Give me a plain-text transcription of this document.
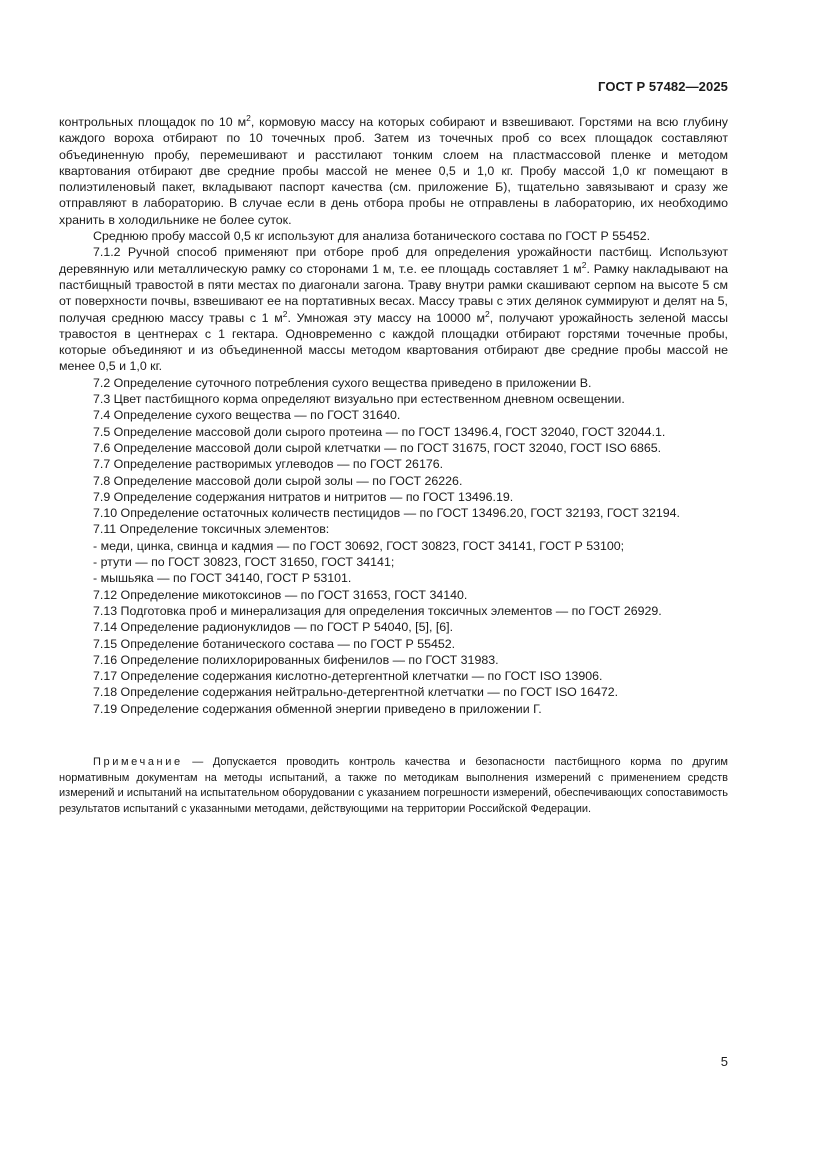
ГОСТ Р 57482—2025

контрольных площадок по 10 $м^2$, кормовую массу на которых собирают и взвешивают. Горстями на всю глубину каждого вороха отбирают по 10 точечных проб. Затем из точечных проб со всех площадок составляют объединенную пробу, перемешивают и расстилают тонким слоем на пластмассовой пленке и методом квартования отбирают две средние пробы массой не менее 0,5 и 1,0 кг. Пробу массой 1,0 кг помещают в полиэтиленовый пакет, вкладывают паспорт качества (см. приложение Б), тщательно завязывают и сразу же отправляют в лабораторию. В случае если в день отбора пробы не отправлены в лабораторию, их необходимо хранить в холодильнике не более суток.

Среднюю пробу массой 0,5 кг используют для анализа ботанического состава по ГОСТ Р 55452.

7.1.2 Ручной способ применяют при отборе проб для определения урожайности пастбищ. Используют деревянную или металлическую рамку со сторонами 1 м, т.е. ее площадь составляет 1 $м^2$. Рамку накладывают на пастбищный травостой в пяти местах по диагонали загона. Траву внутри рамки скашивают серпом на высоте 5 см от поверхности почвы, взвешивают ее на портативных весах. Массу травы с этих делянок суммируют и делят на 5, получая среднюю массу травы с 1 $м^2$. Умножая эту массу на 10000 $м^2$, получают урожайность зеленой массы травостоя в центнерах с 1 гектара. Одновременно с каждой площадки отбирают горстями точечные пробы, которые объединяют и из объединенной массы методом квартования отбирают две средние пробы массой не менее 0,5 и 1,0 кг.

7.2 Определение суточного потребления сухого вещества приведено в приложении В.

7.3 Цвет пастбищного корма определяют визуально при естественном дневном освещении.

7.4 Определение сухого вещества — по ГОСТ 31640.

7.5 Определение массовой доли сырого протеина — по ГОСТ 13496.4, ГОСТ 32040, ГОСТ 32044.1.

7.6 Определение массовой доли сырой клетчатки — по ГОСТ 31675, ГОСТ 32040, ГОСТ ISO 6865.

7.7 Определение растворимых углеводов — по ГОСТ 26176.

7.8 Определение массовой доли сырой золы — по ГОСТ 26226.

7.9 Определение содержания нитратов и нитритов — по ГОСТ 13496.19.

7.10 Определение остаточных количеств пестицидов — по ГОСТ 13496.20, ГОСТ 32193, ГОСТ 32194.

7.11 Определение токсичных элементов:

- меди, цинка, свинца и кадмия — по ГОСТ 30692, ГОСТ 30823, ГОСТ 34141, ГОСТ Р 53100;

- ртути — по ГОСТ 30823, ГОСТ 31650, ГОСТ 34141;

- мышьяка — по ГОСТ 34140, ГОСТ Р 53101.

7.12 Определение микотоксинов — по ГОСТ 31653, ГОСТ 34140.

7.13 Подготовка проб и минерализация для определения токсичных элементов — по ГОСТ 26929.

7.14 Определение радионуклидов — по ГОСТ Р 54040, [5], [6].

7.15 Определение ботанического состава — по ГОСТ Р 55452.

7.16 Определение полихлорированных бифенилов — по ГОСТ 31983.

7.17 Определение содержания кислотно-детергентной клетчатки — по ГОСТ ISO 13906.

7.18 Определение содержания нейтрально-детергентной клетчатки — по ГОСТ ISO 16472.

7.19 Определение содержания обменной энергии приведено в приложении Г.

Примечание — Допускается проводить контроль качества и безопасности пастбищного корма по другим нормативным документам на методы испытаний, а также по методикам выполнения измерений с применением средств измерений и испытаний на испытательном оборудовании с указанием погрешности измерений, обеспечивающих сопоставимость результатов испытаний с указанными методами, действующими на территории Российской Федерации.
5
